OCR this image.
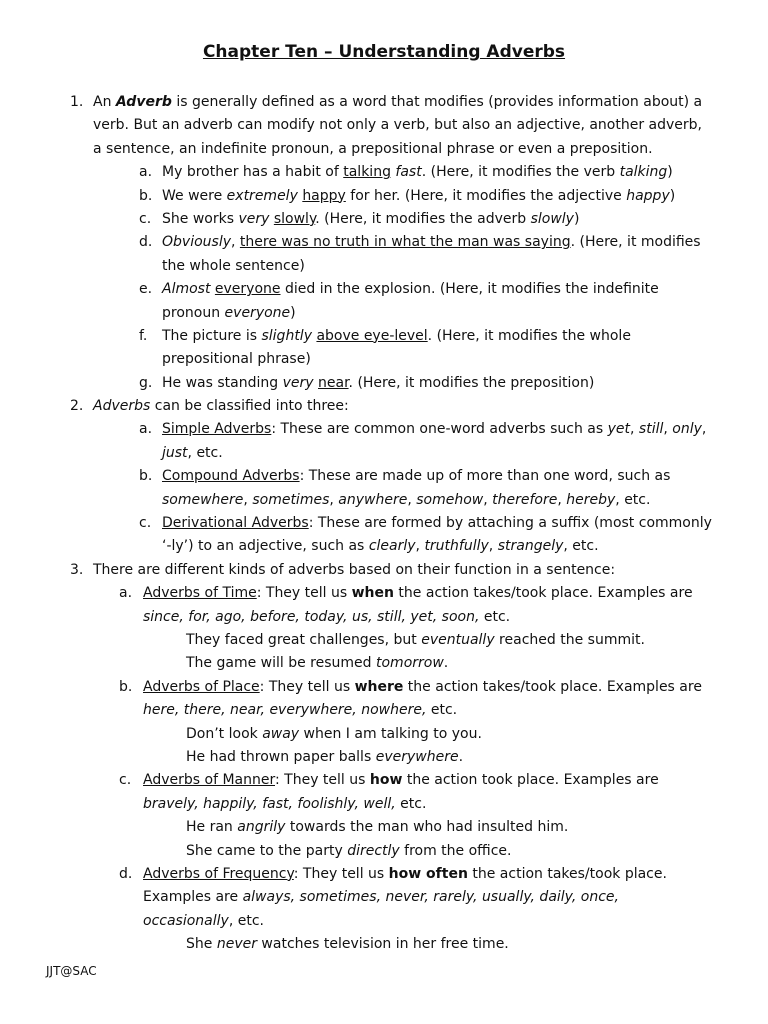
Chapter Ten – Understanding Adverbs
1. An Adverb is generally defined as a word that modifies (provides information about) a
verb. But an adverb can modify not only a verb, but also an adjective, another adverb,
a sentence, an indefinite pronoun, a prepositional phrase or even a preposition.
a. My brother has a habit of talking fast. (Here, it modifies the verb talking)
b. We were extremely happy for her. (Here, it modifies the adjective happy)
c. She works very slowly. (Here, it modifies the adverb slowly)
d. Obviously, there was no truth in what the man was saying. (Here, it modifies
the whole sentence)
e. Almost everyone died in the explosion. (Here, it modifies the indefinite
pronoun everyone)
f. The picture is slightly above eye-level. (Here, it modifies the whole
prepositional phrase)
g. He was standing very near. (Here, it modifies the preposition)
2. Adverbs can be classified into three:
a. Simple Adverbs: These are common one-word adverbs such as yet, still, only,
just, etc.
b. Compound Adverbs: These are made up of more than one word, such as
somewhere, sometimes, anywhere, somehow, therefore, hereby, etc.
c. Derivational Adverbs: These are formed by attaching a suffix (most commonly
‘-ly’) to an adjective, such as clearly, truthfully, strangely, etc.
3. There are different kinds of adverbs based on their function in a sentence:
a. Adverbs of Time: They tell us when the action takes/took place. Examples are
since, for, ago, before, today, us, still, yet, soon, etc.
They faced great challenges, but eventually reached the summit.
The game will be resumed tomorrow.
b. Adverbs of Place: They tell us where the action takes/took place. Examples are
here, there, near, everywhere, nowhere, etc.
Don’t look away when I am talking to you.
He had thrown paper balls everywhere.
c. Adverbs of Manner: They tell us how the action took place. Examples are
bravely, happily, fast, foolishly, well, etc.
He ran angrily towards the man who had insulted him.
She came to the party directly from the office.
d. Adverbs of Frequency: They tell us how often the action takes/took place.
Examples are always, sometimes, never, rarely, usually, daily, once,
occasionally, etc.
She never watches television in her free time.
JJT@SAC
